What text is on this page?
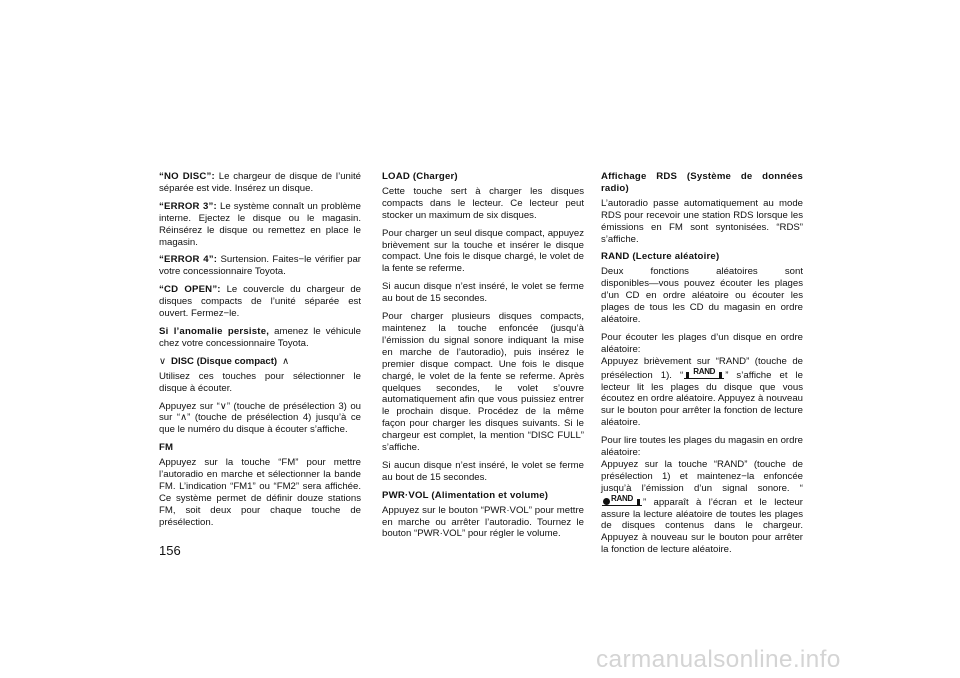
“NO DISC”: Le chargeur de disque de l’unité séparée est vide. Insérez un disque.

“ERROR 3”: Le système connaît un problème interne. Ejectez le disque ou le magasin. Réinsérez le disque ou remettez en place le magasin.

“ERROR 4”: Surtension. Faites−le vérifier par votre concessionnaire Toyota.

“CD OPEN”: Le couvercle du chargeur de disques compacts de l’unité séparée est ouvert. Fermez−le.

Si l’anomalie persiste, amenez le véhicule chez votre concessionnaire Toyota.

∨ DISC (Disque compact) ∧

Utilisez ces touches pour sélectionner le disque à écouter.

Appuyez sur “∨” (touche de présélection 3) ou sur “∧” (touche de présélection 4) jusqu’à ce que le numéro du disque à écouter s’affiche.

FM

Appuyez sur la touche “FM” pour mettre l’autoradio en marche et sélectionner la bande FM. L’indication “FM1” ou “FM2” sera affichée. Ce système permet de définir douze stations FM, soit deux pour chaque touche de présélection.

LOAD (Charger)

Cette touche sert à charger les disques compacts dans le lecteur. Ce lecteur peut stocker un maximum de six disques.

Pour charger un seul disque compact, appuyez brièvement sur la touche et insérer le disque compact. Une fois le disque chargé, le volet de la fente se referme.

Si aucun disque n’est inséré, le volet se ferme au bout de 15 secondes.

Pour charger plusieurs disques compacts, maintenez la touche enfoncée (jusqu’à l’émission du signal sonore indiquant la mise en marche de l’autoradio), puis insérez le premier disque compact. Une fois le disque chargé, le volet de la fente se referme. Après quelques secondes, le volet s’ouvre automatiquement afin que vous puissiez entrer le prochain disque. Procédez de la même façon pour charger les disques suivants. Si le chargeur est complet, la mention “DISC FULL” s’affiche.

Si aucun disque n’est inséré, le volet se ferme au bout de 15 secondes.

PWR·VOL (Alimentation et volume)

Appuyez sur le bouton “PWR·VOL” pour mettre en marche ou arrêter l’autoradio. Tournez le bouton “PWR·VOL” pour régler le volume.

Affichage RDS (Système de données radio)

L’autoradio passe automatiquement au mode RDS pour recevoir une station RDS lorsque les émissions en FM sont syntonisées. “RDS” s’affiche.

RAND (Lecture aléatoire)

Deux fonctions aléatoires sont disponibles―vous pouvez écouter les plages d’un CD en ordre aléatoire ou écouter les plages de tous les CD du magasin en ordre aléatoire.

Pour écouter les plages d’un disque en ordre aléatoire:
Appuyez brièvement sur “RAND” (touche de présélection 1). “ RAND ” s’affiche et le lecteur lit les plages du disque que vous écoutez en ordre aléatoire. Appuyez à nouveau sur le bouton pour arrêter la fonction de lecture aléatoire.

Pour lire toutes les plages du magasin en ordre aléatoire:
Appuyez sur la touche “RAND” (touche de présélection 1) et maintenez−la enfoncée jusqu’à l’émission d’un signal sonore. “
RAND ” apparaît à l’écran et le lecteur assure la lecture aléatoire de toutes les plages de disques contenus dans le chargeur. Appuyez à nouveau sur le bouton pour arrêter la fonction de lecture aléatoire.

156
carmanualsonline.info
